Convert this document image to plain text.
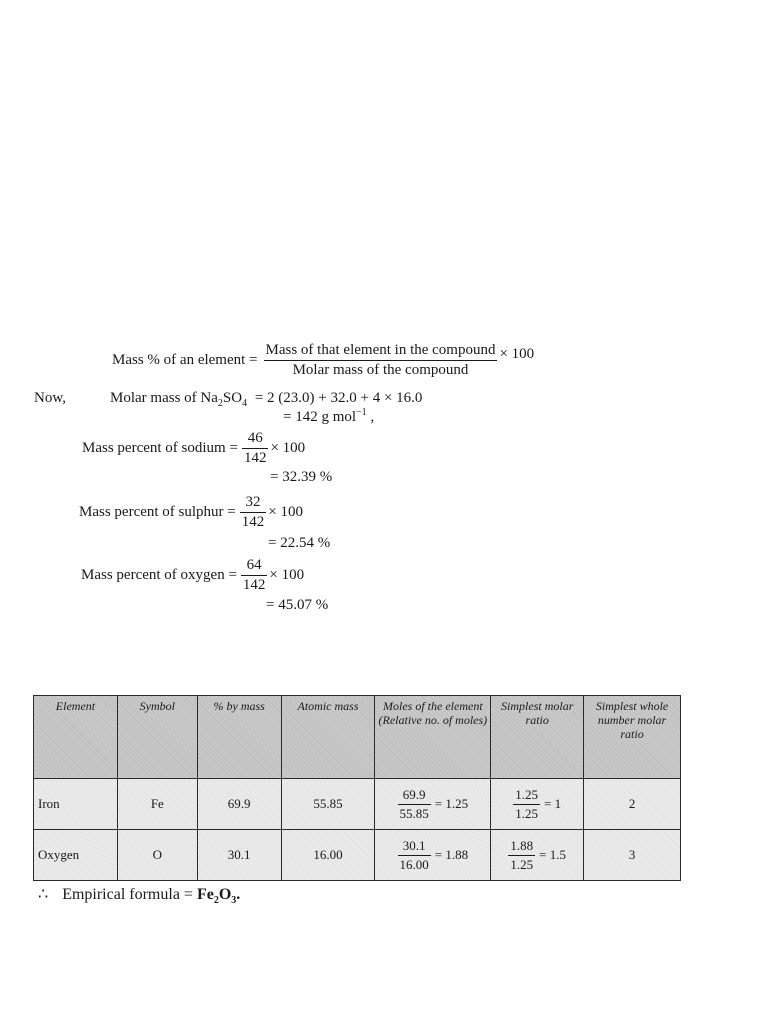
Mass % of an element = $\frac{\text{Mass of that element in the compound}}{\text{Molar mass of the compound}} \times 100$
Now,	Molar mass of $Na_2SO_4 = 2$ (23.0) + 32.0 + 4 × 16.0
= 142 g mol$^{-1}$ ,
Mass percent of sodium = $\frac{46}{142} \times 100$
= 32.39 %
Mass percent of sulphur = $\frac{32}{142} \times 100$
= 22.54 %
Mass percent of oxygen = $\frac{64}{142} \times 100$
= 45.07 %
Element	Symbol	% by mass	Atomic mass	Moles of the element (Relative no. of moles)	Simplest molar ratio	Simplest whole number molar ratio
Iron	Fe	69.9	55.85	$\frac{69.9}{55.85} = 1.25$	$\frac{1.25}{1.25} = 1$	2
Oxygen	O	30.1	16.00	$\frac{30.1}{16.00} = 1.88$	$\frac{1.88}{1.25} = 1.5$	3
∴ Empirical formula = $Fe_2O_3$.
